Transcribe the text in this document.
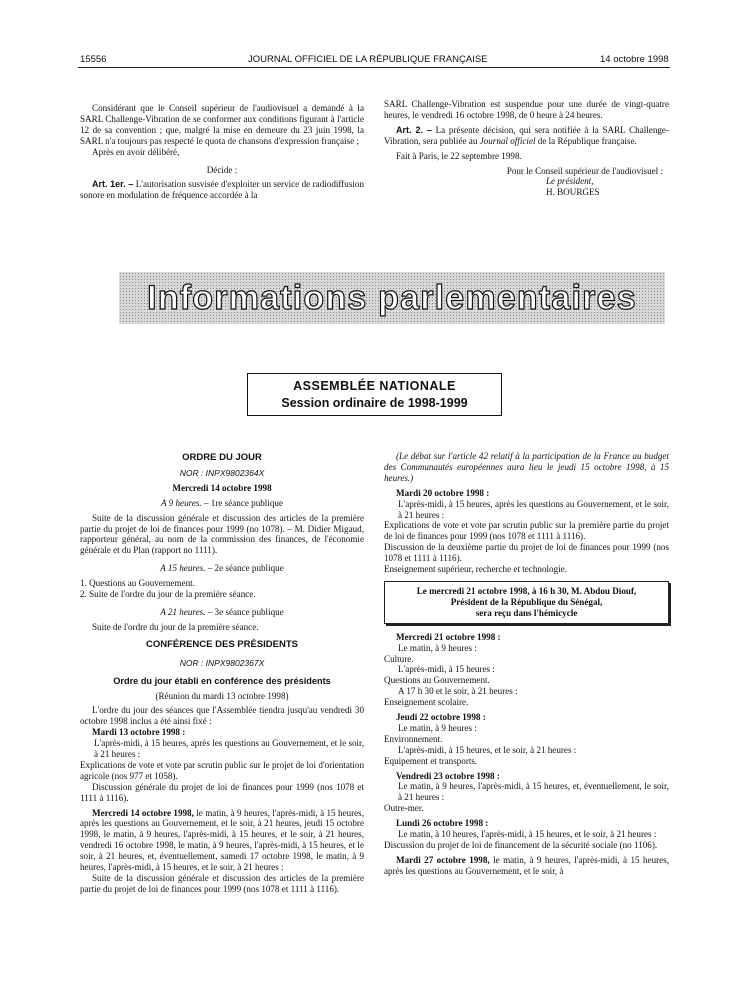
15556	JOURNAL OFFICIEL DE LA RÉPUBLIQUE FRANÇAISE	14 octobre 1998

Considérant que le Conseil supérieur de l'audiovisuel a demandé à la SARL Challenge-Vibration de se conformer aux conditions figurant à l'article 12 de sa convention ; que, malgré la mise en demeure du 23 juin 1998, la SARL n'a toujours pas respecté le quota de chansons d'expression française ;

Après en avoir délibéré,

Décide :

Art. 1er. – L'autorisation susvisée d'exploiter un service de radiodiffusion sonore en modulation de fréquence accordée à la

SARL Challenge-Vibration est suspendue pour une durée de vingt-quatre heures, le vendredi 16 octobre 1998, de 0 heure à 24 heures.

Art. 2. – La présente décision, qui sera notifiée à la SARL Challenge-Vibration, sera publiée au Journal officiel de la République française.

Fait à Paris, le 22 septembre 1998.

Pour le Conseil supérieur de l'audiovisuel :

Le président,

H. BOURGES

Informations parlementaires
ASSEMBLÉE NATIONALE
Session ordinaire de 1998-1999

ORDRE DU JOUR

NOR : INPX9802364X

Mercredi 14 octobre 1998

A 9 heures. – 1re séance publique

Suite de la discussion générale et discussion des articles de la première partie du projet de loi de finances pour 1999 (no 1078). – M. Didier Migaud, rapporteur général, au nom de la commission des finances, de l'économie générale et du Plan (rapport no 1111).

A 15 heures. – 2e séance publique

1. Questions au Gouvernement.

2. Suite de l'ordre du jour de la première séance.

A 21 heures. – 3e séance publique

Suite de l'ordre du jour de la première séance.

CONFÉRENCE DES PRÉSIDENTS

NOR : INPX9802367X

Ordre du jour établi en conférence des présidents

(Réunion du mardi 13 octobre 1998)

L'ordre du jour des séances que l'Assemblée tiendra jusqu'au vendredi 30 octobre 1998 inclus a été ainsi fixé :

Mardi 13 octobre 1998 :

L'après-midi, à 15 heures, après les questions au Gouvernement, et le soir, à 21 heures :

Explications de vote et vote par scrutin public sur le projet de loi d'orientation agricole (nos 977 et 1058).

Discussion générale du projet de loi de finances pour 1999 (nos 1078 et 1111 à 1116).

Mercredi 14 octobre 1998, le matin, à 9 heures, l'après-midi, à 15 heures, après les questions au Gouvernement, et le soir, à 21 heures, jeudi 15 octobre 1998, le matin, à 9 heures, l'après-midi, à 15 heures, et le soir, à 21 heures, vendredi 16 octobre 1998, le matin, à 9 heures, l'après-midi, à 15 heures, et le soir, à 21 heures, et, éventuellement, samedi 17 octobre 1998, le matin, à 9 heures, l'après-midi, à 15 heures, et le soir, à 21 heures :

Suite de la discussion générale et discussion des articles de la première partie du projet de loi de finances pour 1999 (nos 1078 et 1111 à 1116).

(Le débat sur l'article 42 relatif à la participation de la France au budget des Communautés européennes aura lieu le jeudi 15 octobre 1998, à 15 heures.)

Mardi 20 octobre 1998 :

L'après-midi, à 15 heures, après les questions au Gouvernement, et le soir, à 21 heures :

Explications de vote et vote par scrutin public sur la première partie du projet de loi de finances pour 1999 (nos 1078 et 1111 à 1116).

Discussion de la deuxième partie du projet de loi de finances pour 1999 (nos 1078 et 1111 à 1116).

Enseignement supérieur, recherche et technologie.

Le mercredi 21 octobre 1998, à 16 h 30, M. Abdou Diouf,
Président de la République du Sénégal,
sera reçu dans l'hémicycle

Mercredi 21 octobre 1998 :

Le matin, à 9 heures :

Culture.

L'après-midi, à 15 heures :

Questions au Gouvernement.

A 17 h 30 et le soir, à 21 heures :

Enseignement scolaire.

Jeudi 22 octobre 1998 :

Le matin, à 9 heures :

Environnement.

L'après-midi, à 15 heures, et le soir, à 21 heures :

Equipement et transports.

Vendredi 23 octobre 1998 :

Le matin, à 9 heures, l'après-midi, à 15 heures, et, éventuellement, le soir, à 21 heures :

Outre-mer.

Lundi 26 octobre 1998 :

Le matin, à 10 heures, l'après-midi, à 15 heures, et le soir, à 21 heures :

Discussion du projet de loi de financement de la sécurité sociale (no 1106).

Mardi 27 octobre 1998, le matin, à 9 heures, l'après-midi, à 15 heures, après les questions au Gouvernement, et le soir, à
